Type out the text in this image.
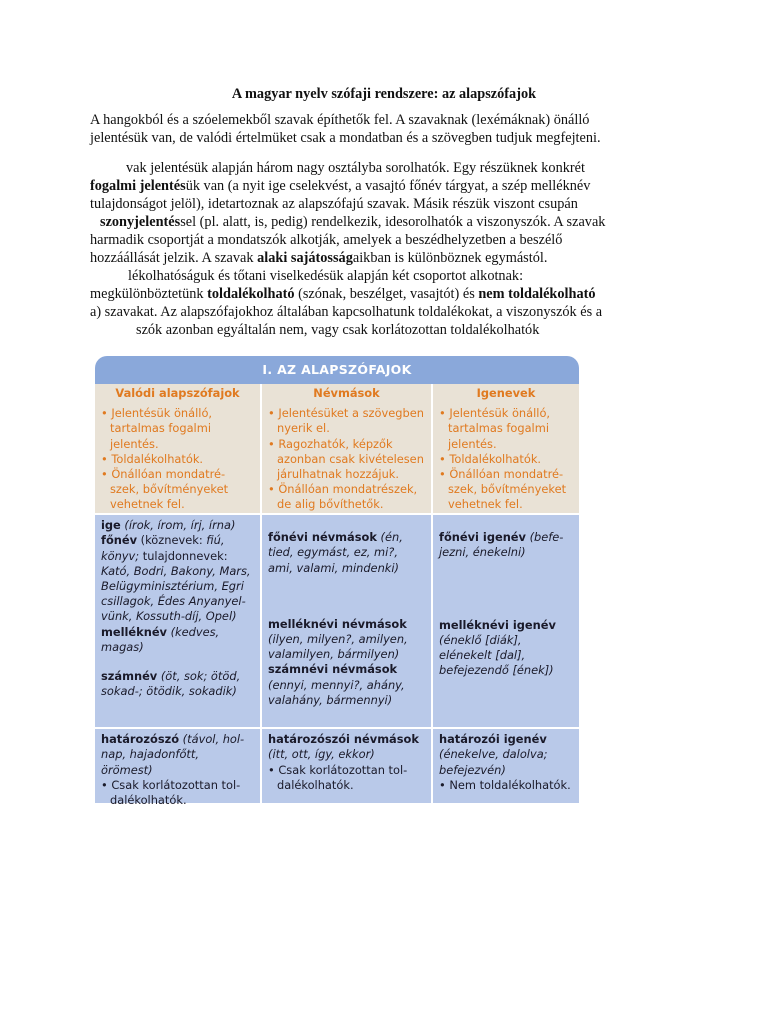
A magyar nyelv szófaji rendszere: az alapszófajok
A hangokból és a szóelemekből szavak építhetők fel. A szavaknak (lexémáknak) önálló
jelentésük van, de valódi értelmüket csak a mondatban és a szövegben tudjuk megfejteni.
vak jelentésük alapján három nagy osztályba sorolhatók. Egy részüknek konkrét
fogalmi jelentésük van (a nyit ige cselekvést, a vasajtó főnév tárgyat, a szép melléknév
tulajdonságot jelöl), idetartoznak az alapszófajú szavak. Másik részük viszont csupán
szonyjelentéssel (pl. alatt, is, pedig) rendelkezik, idesorolhatók a viszonyszók. A szavak
harmadik csoportját a mondatszók alkotják, amelyek a beszédhelyzetben a beszélő
hozzáállását jelzik. A szavak alaki sajátosságaikban is különböznek egymástól.
lékolhatóságuk és tőtani viselkedésük alapján két csoportot alkotnak:
megkülönböztetünk toldalékolható (szónak, beszélget, vasajtót) és nem toldalékolható
a) szavakat. Az alapszófajokhoz általában kapcsolhatunk toldalékokat, a viszonyszók és a
szók azonban egyáltalán nem, vagy csak korlátozottan toldalékolhatók
I. AZ ALAPSZÓFAJOK
Valódi alapszófajok	Névmások	Igenevek
• Jelentésük önálló, tartalmas fogalmi jelentés.
• Toldalékolhatók.
• Önállóan mondatré-szek, bővítményeket vehetnek fel.
• Jelentésüket a szövegben nyerik el.
• Ragozhatók, képzők azonban csak kivételesen járulhatnak hozzájuk.
• Önállóan mondatrészek, de alig bővíthetők.
• Jelentésük önálló, tartalmas fogalmi jelentés.
• Toldalékolhatók.
• Önállóan mondatré-szek, bővítményeket vehetnek fel.
ige (írok, írom, írj, írna)
főnév (köznevek: fiú,
könyv; tulajdonnevek:
Kató, Bodri, Bakony, Mars, Belügyminisztérium, Egri csillagok, Édes Anyanyel-vünk, Kossuth-díj, Opel)
melléknév (kedves, magas)
számnév (öt, sok; ötöd, sokad-; ötödik, sokadik)
főnévi névmások (én, tied, egymást, ez, mi?, ami, valami, mindenki)
melléknévi névmások
(ilyen, milyen?, amilyen, valamilyen, bármilyen)
számnévi névmások
(ennyi, mennyi?, ahány, valahány, bármennyi)
főnévi igenév (befe-jezni, énekelni)
melléknévi igenév
(éneklő [diák], elénekelt [dal], befejezendő [ének])
határozószó (távol, hol-nap, hajadonfőtt, örömest)
• Csak korlátozottan tol-dalékolhatók.
határozószói névmások
(itt, ott, így, ekkor)
• Csak korlátozottan tol-dalékolhatók.
határozói igenév
(énekelve, dalolva; befejezvén)
• Nem toldalékolhatók.
